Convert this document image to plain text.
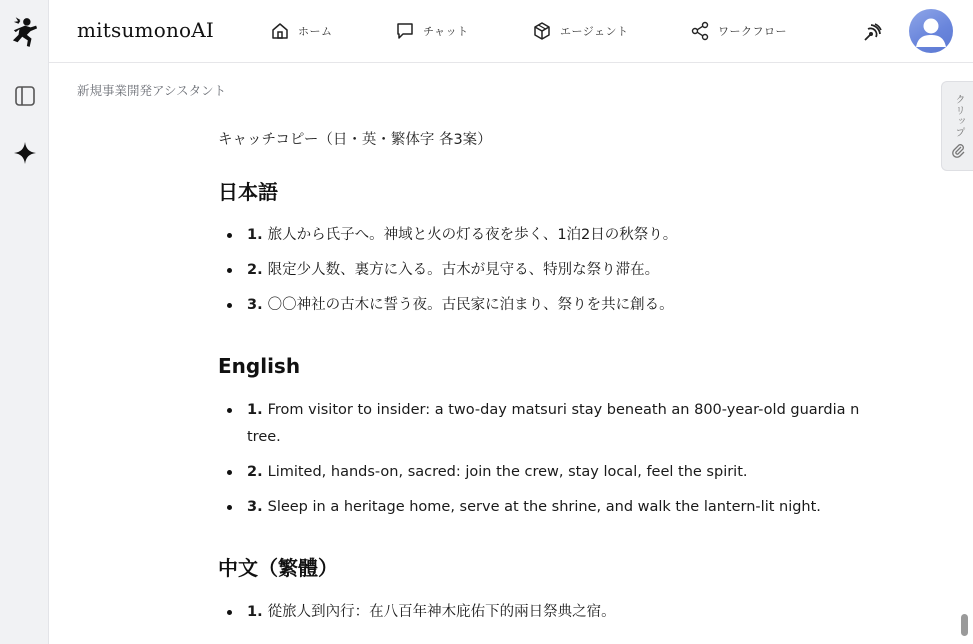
mitsumonoAI	ホーム	チャット	エージェント	ワークフロー
新規事業開発アシスタント
クリップ

キャッチコピー（日・英・繁体字 各3案）

日本語
1. 旅人から氏子へ。神域と火の灯る夜を歩く、1泊2日の秋祭り。
2. 限定少人数、裏方に入る。古木が見守る、特別な祭り滞在。
3. 〇〇神社の古木に誓う夜。古民家に泊まり、祭りを共に創る。
English
1. From visitor to insider: a two-day matsuri stay beneath an 800-year-old guardia n tree.
2. Limited, hands-on, sacred: join the crew, stay local, feel the spirit.
3. Sleep in a heritage home, serve at the shrine, and walk the lantern-lit night.
中文（繁體）
1. 從旅人到內行：在八百年神木庇佑下的兩日祭典之宿。
